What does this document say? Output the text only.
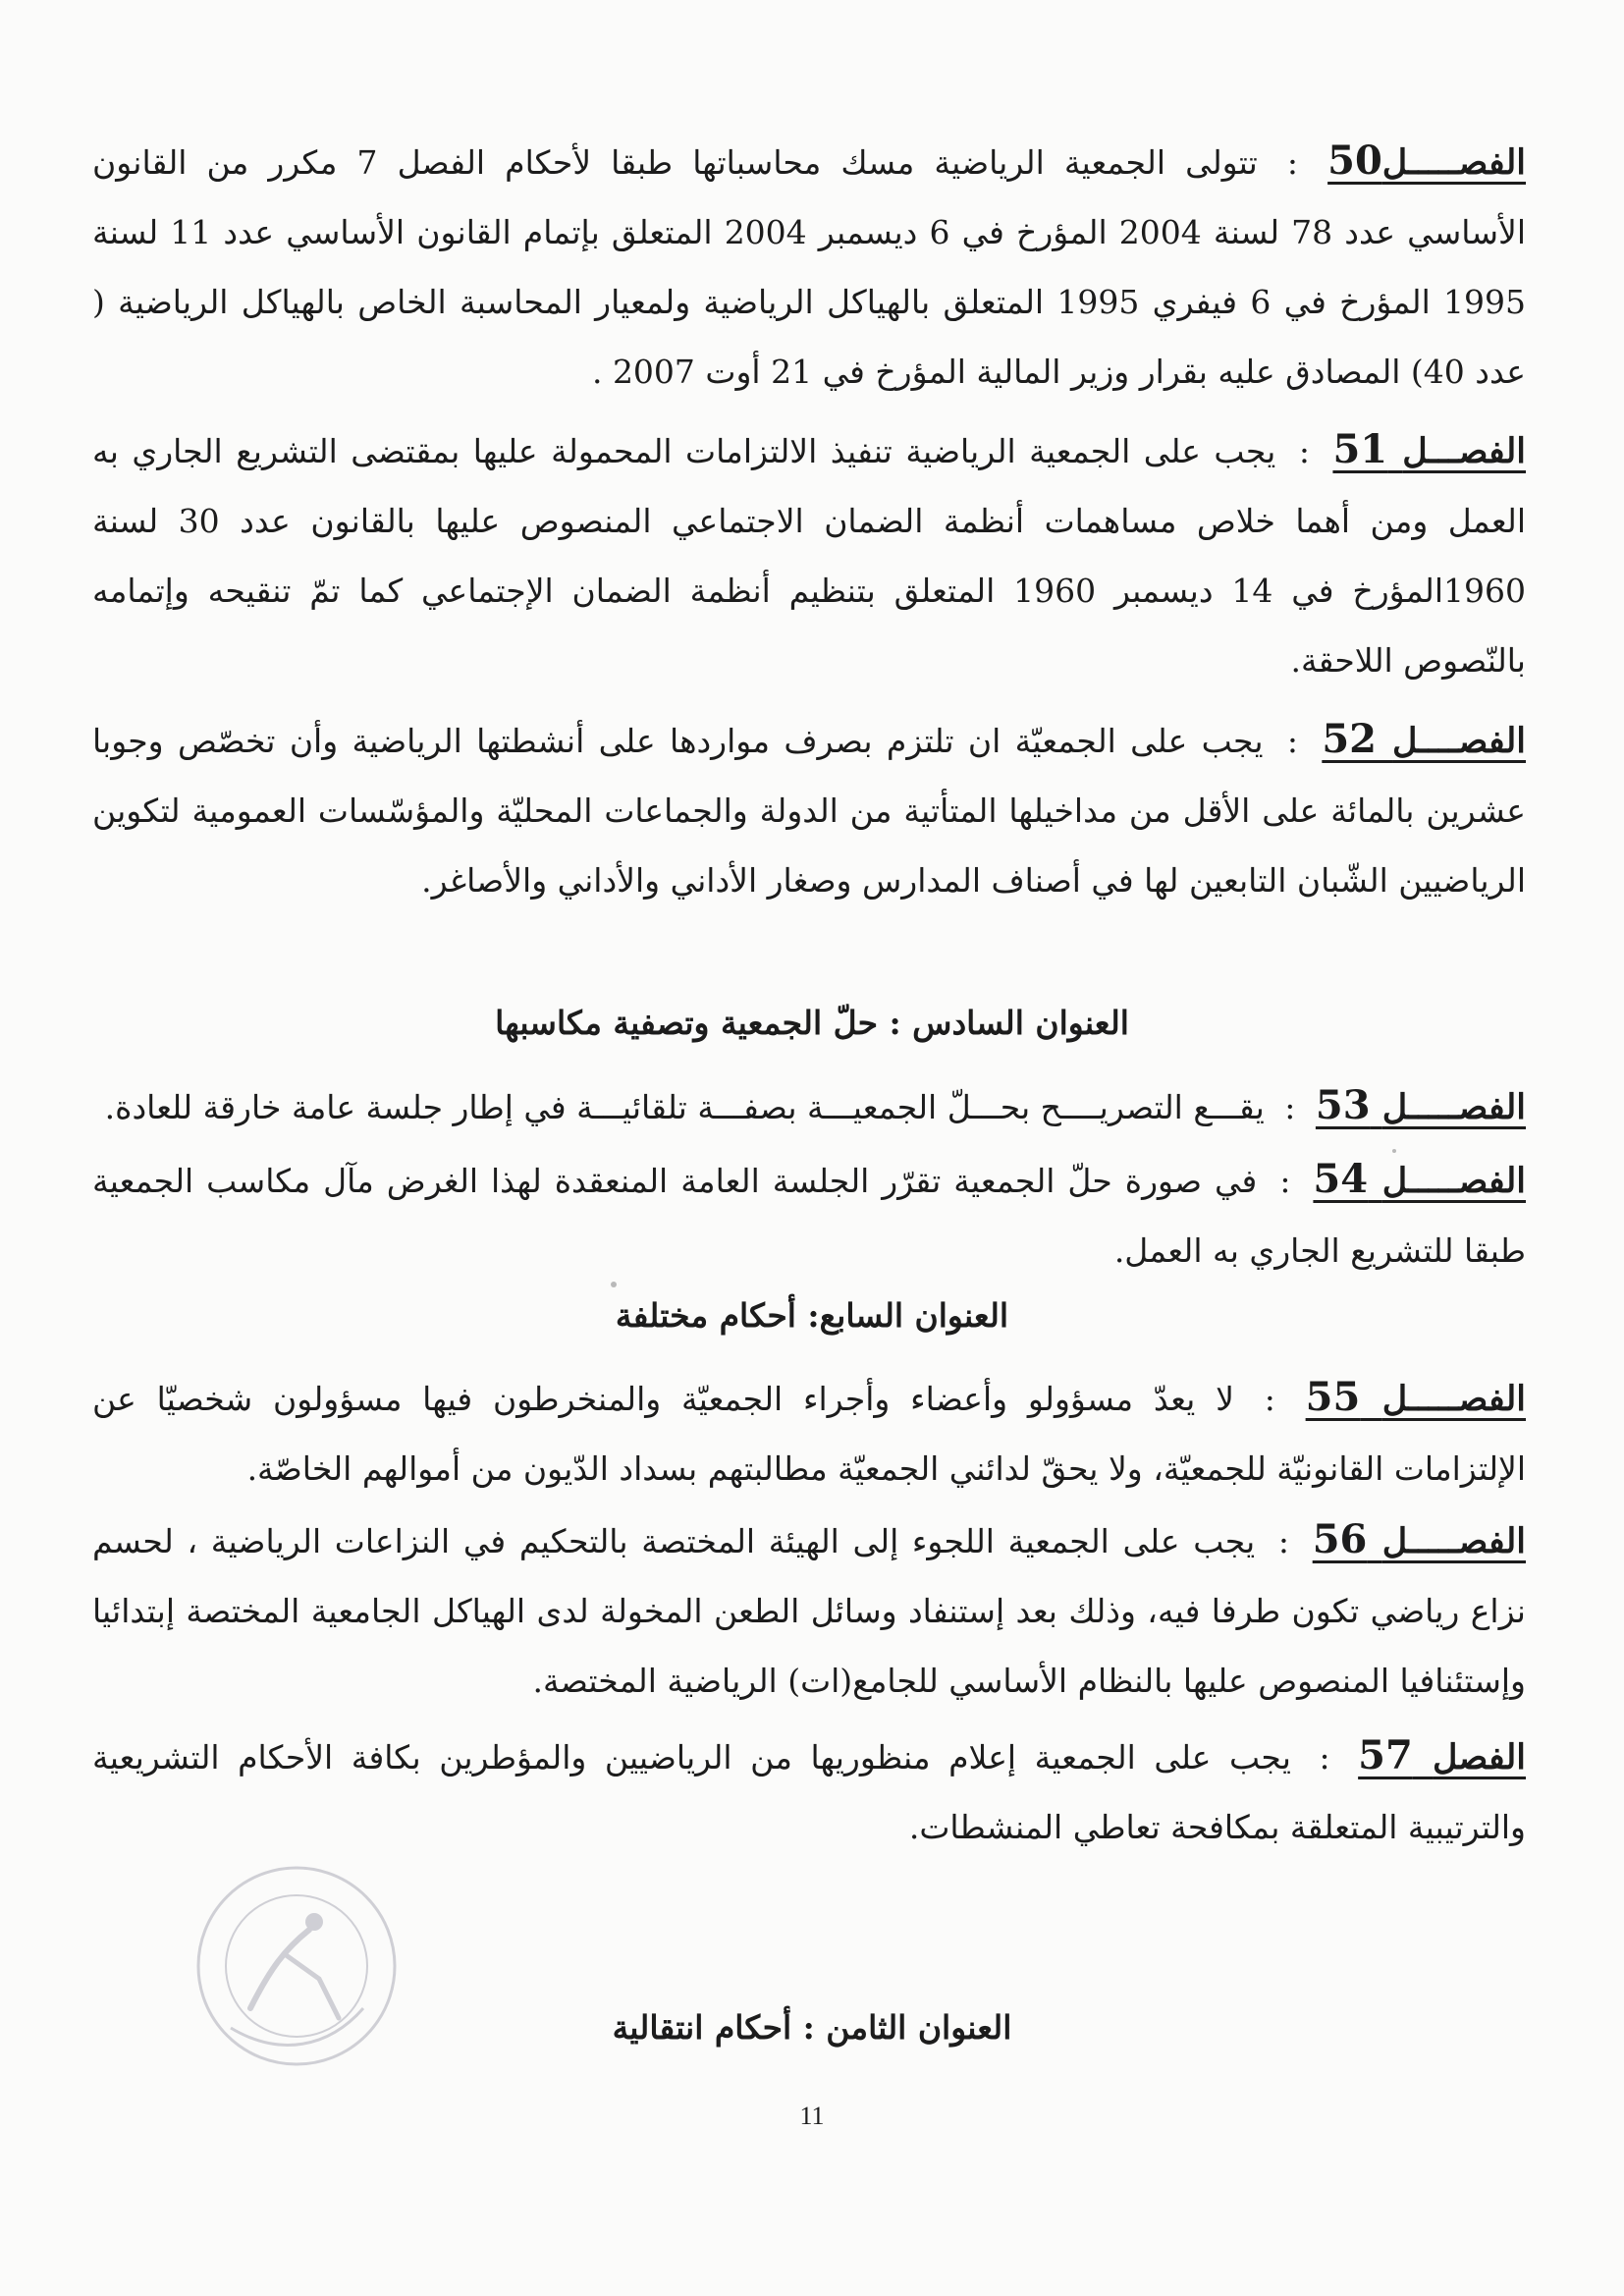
الفصـــــل50 : تتولى الجمعية الرياضية مسك محاسباتها طبقا لأحكام الفصل 7 مكرر من القانون الأساسي عدد 78 لسنة 2004 المؤرخ في 6 ديسمبر 2004 المتعلق بإتمام القانون الأساسي عدد 11 لسنة 1995 المؤرخ في 6 فيفري 1995 المتعلق بالهياكل الرياضية ولمعيار المحاسبة الخاص بالهياكل الرياضية ( عدد 40) المصادق عليه بقرار وزير المالية المؤرخ في 21 أوت 2007 .
الفصـــل 51 : يجب على الجمعية الرياضية تنفيذ الالتزامات المحمولة عليها بمقتضى التشريع الجاري به العمل ومن أهما خلاص مساهمات أنظمة الضمان الاجتماعي المنصوص عليها بالقانون عدد 30 لسنة 1960المؤرخ في 14 ديسمبر 1960 المتعلق بتنظيم أنظمة الضمان الإجتماعي كما تمّ تنقيحه وإتمامه بالنّصوص اللاحقة.
الفصــــل 52 : يجب على الجمعيّة ان تلتزم بصرف مواردها على أنشطتها الرياضية وأن تخصّص وجوبا عشرين بالمائة على الأقل من مداخيلها المتأتية من الدولة والجماعات المحليّة والمؤسّسات العمومية لتكوين الرياضيين الشّبان التابعين لها في أصناف المدارس وصغار الأداني والأداني والأصاغر.
العنوان السادس : حلّ الجمعية وتصفية مكاسبها
الفصـــــل 53 : يقـــع التصريــــح بحـــلّ الجمعيـــة بصفـــة تلقائيـــة في إطار جلسة عامة خارقة للعادة.
الفصـــــل 54 : في صورة حلّ الجمعية تقرّر الجلسة العامة المنعقدة لهذا الغرض مآل مكاسب الجمعية طبقا للتشريع الجاري به العمل.
العنوان السابع: أحكام مختلفة
الفصـــــل 55 : لا يعدّ مسؤولو وأعضاء وأجراء الجمعيّة والمنخرطون فيها مسؤولون شخصيّا عن الإلتزامات القانونيّة للجمعيّة، ولا يحقّ لدائني الجمعيّة مطالبتهم بسداد الدّيون من أموالهم الخاصّة.
الفصـــــل 56 : يجب على الجمعية اللجوء إلى الهيئة المختصة بالتحكيم في النزاعات الرياضية ، لحسم نزاع رياضي تكون طرفا فيه، وذلك بعد إستنفاد وسائل الطعن المخولة لدى الهياكل الجامعية المختصة إبتدائيا وإستئنافيا المنصوص عليها بالنظام الأساسي للجامع(ات) الرياضية المختصة.
الفصل 57 : يجب على الجمعية إعلام منظوريها من الرياضيين والمؤطرين بكافة الأحكام التشريعية والترتيبية المتعلقة بمكافحة تعاطي المنشطات.
العنوان الثامن : أحكام انتقالية
11
